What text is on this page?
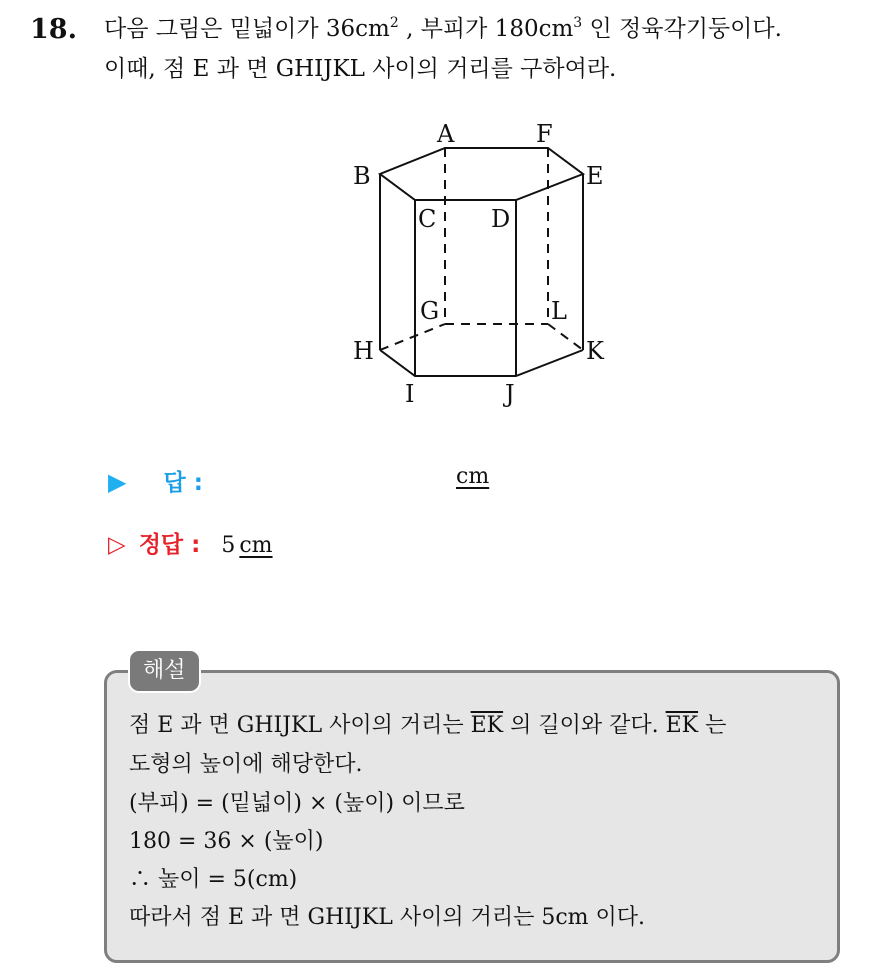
18. 다음 그림은 밑넓이가 $36cm^2$ , 부피가 $180cm^3$ 인 정육각기둥이다.
이때, 점 E 과 면 GHIJKL 사이의 거리를 구하여라.
A	F
B	E
C D
G	L
H	K
I	J
▶ 답 :	cm
▷ 정답 : 5 cm
점 E 과 면 GHIJKL 사이의 거리는 $\overline{EK}$ 의 길이와 같다. $\overline{EK}$ 는
도형의 높이에 해당한다.
(부피) = (밑넓이) × (높이) 이므로
180 = 36 × (높이)
∴ 높이 = 5(cm)
따라서 점 E 과 면 GHIJKL 사이의 거리는 5cm 이다.
해설
